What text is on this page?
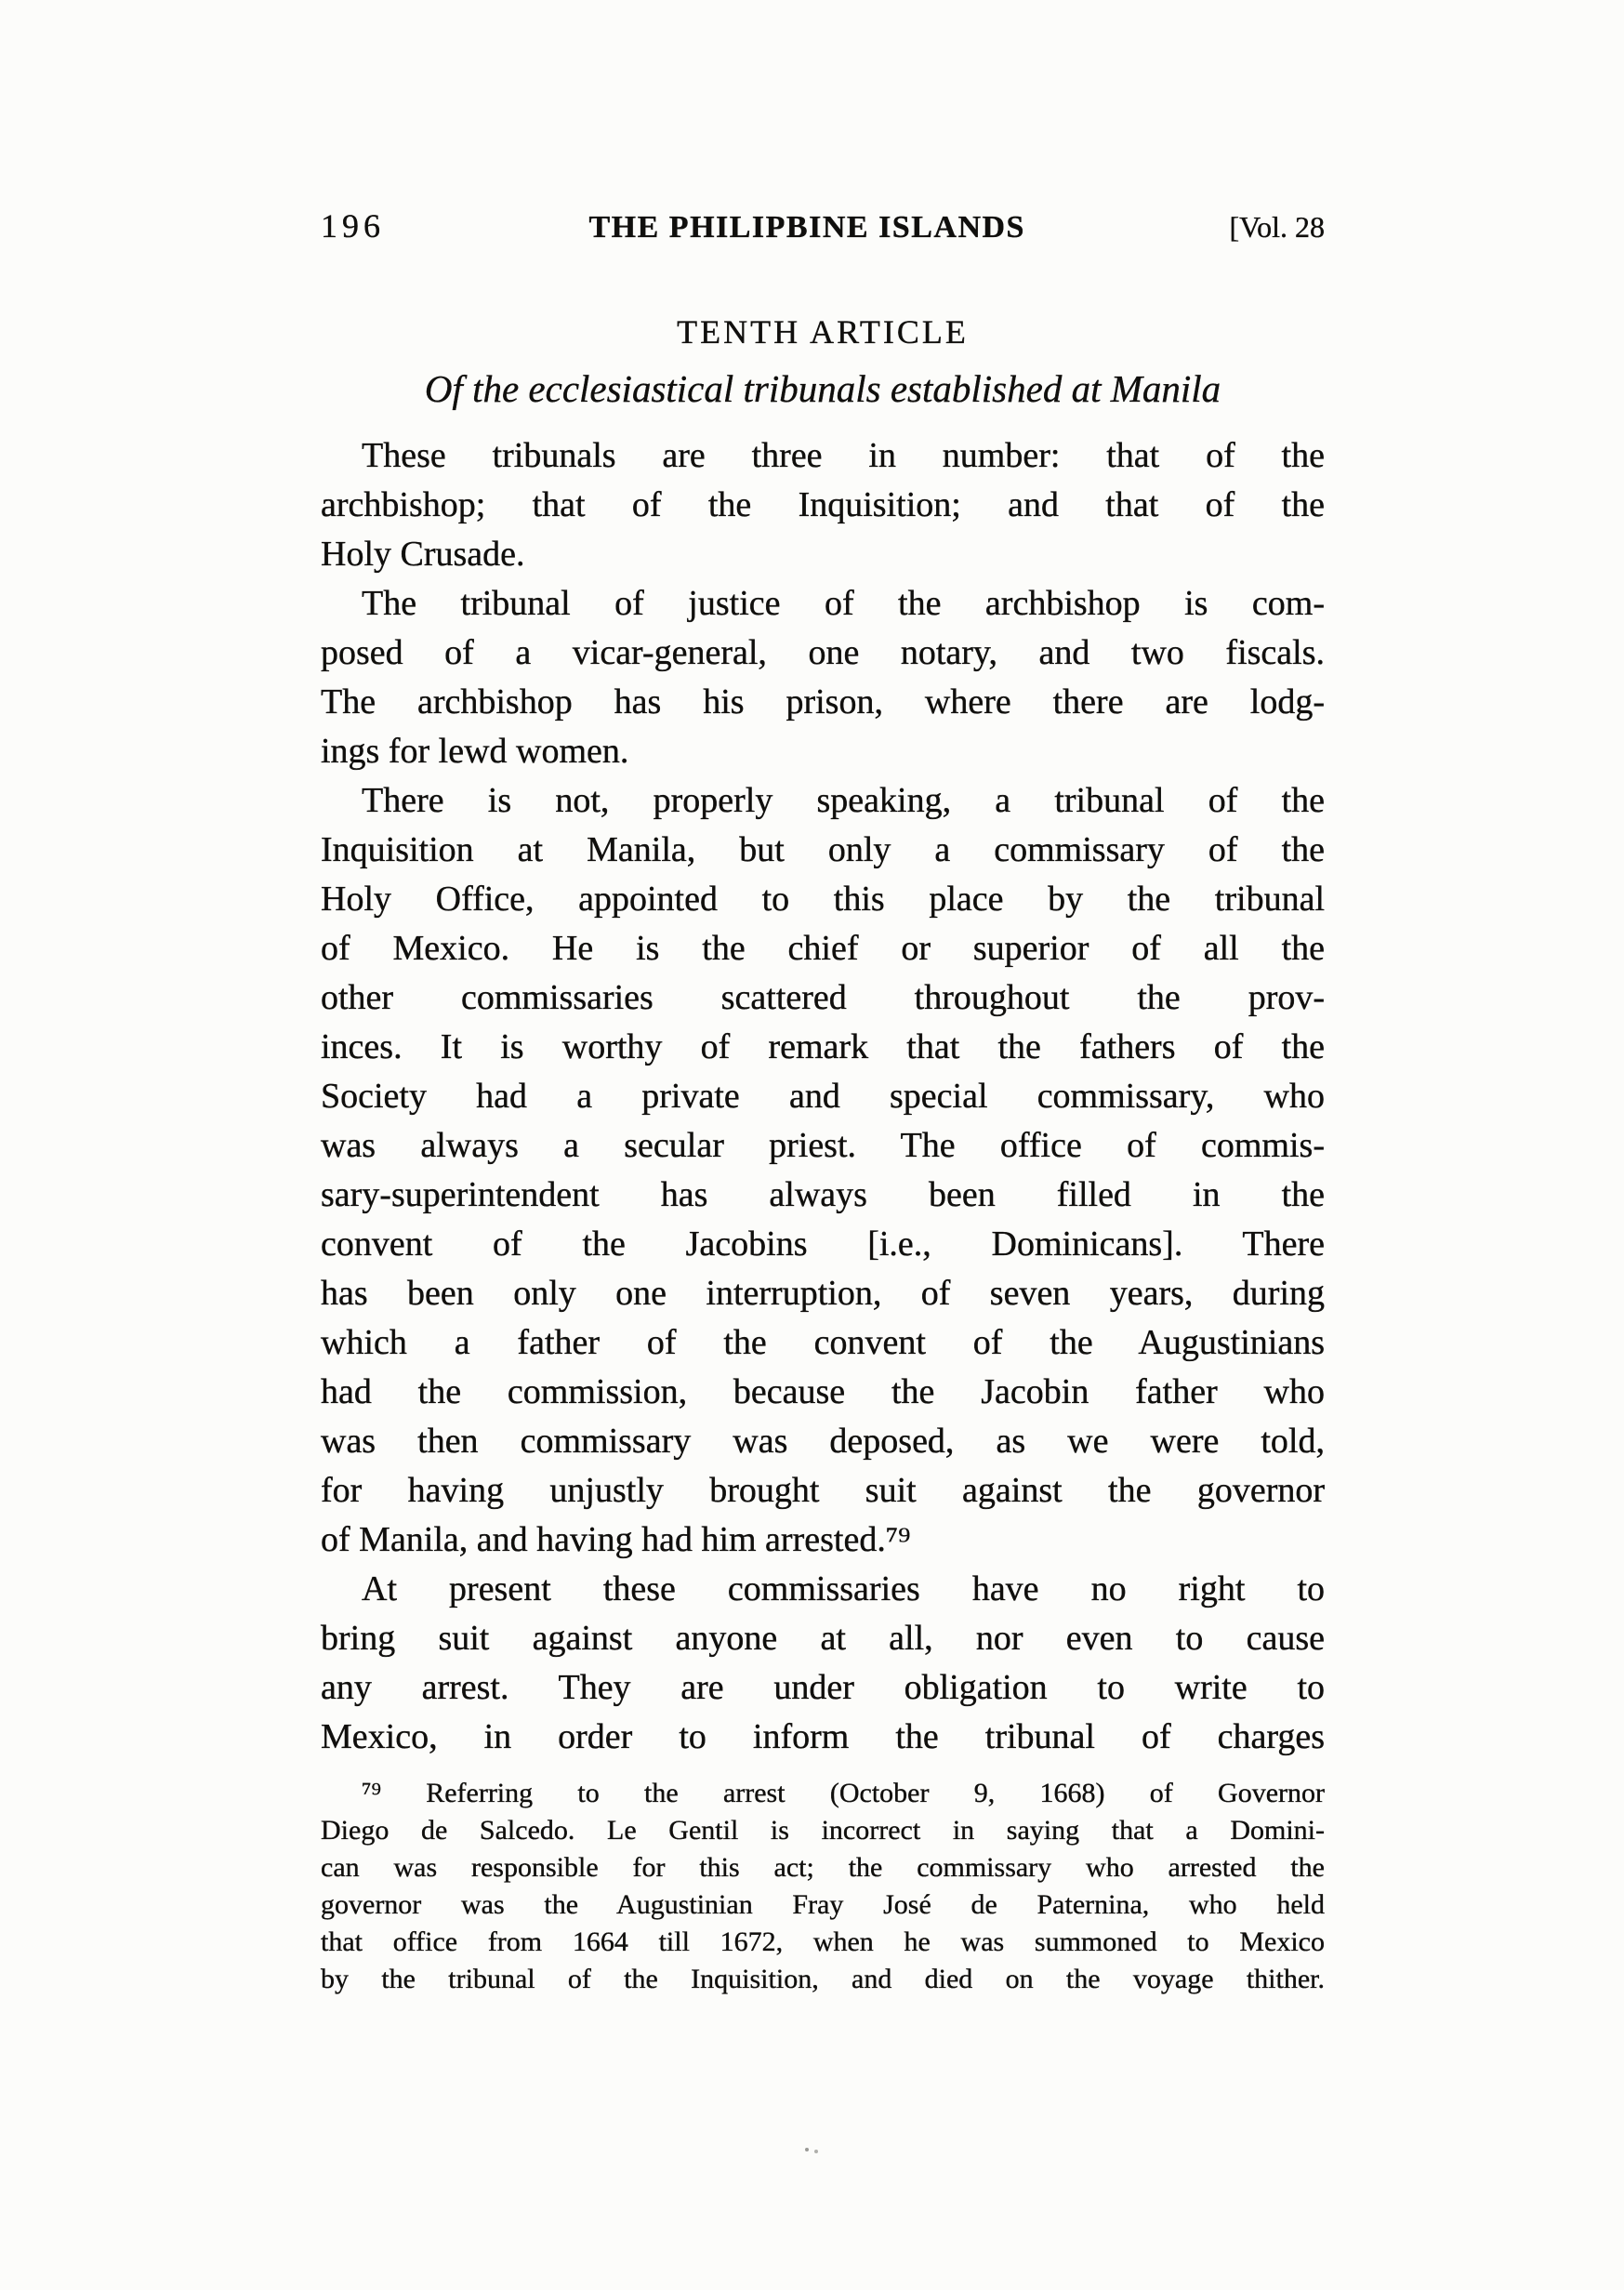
196	THE PHILIPBINE ISLANDS	[Vol. 28
TENTH ARTICLE
Of the ecclesiastical tribunals established at Manila
These tribunals are three in number: that of the
archbishop; that of the Inquisition; and that of the
Holy Crusade.
The tribunal of justice of the archbishop is com-
posed of a vicar-general, one notary, and two fiscals.
The archbishop has his prison, where there are lodg-
ings for lewd women.
There is not, properly speaking, a tribunal of the
Inquisition at Manila, but only a commissary of the
Holy Office, appointed to this place by the tribunal
of Mexico. He is the chief or superior of all the
other commissaries scattered throughout the prov-
inces. It is worthy of remark that the fathers of the
Society had a private and special commissary, who
was always a secular priest. The office of commis-
sary-superintendent has always been filled in the
convent of the Jacobins [i.e., Dominicans]. There
has been only one interruption, of seven years, during
which a father of the convent of the Augustinians
had the commission, because the Jacobin father who
was then commissary was deposed, as we were told,
for having unjustly brought suit against the governor
of Manila, and having had him arrested.⁷⁹
At present these commissaries have no right to
bring suit against anyone at all, nor even to cause
any arrest. They are under obligation to write to
Mexico, in order to inform the tribunal of charges
⁷⁹ Referring to the arrest (October 9, 1668) of Governor
Diego de Salcedo. Le Gentil is incorrect in saying that a Domini-
can was responsible for this act; the commissary who arrested the
governor was the Augustinian Fray José de Paternina, who held
that office from 1664 till 1672, when he was summoned to Mexico
by the tribunal of the Inquisition, and died on the voyage thither.
